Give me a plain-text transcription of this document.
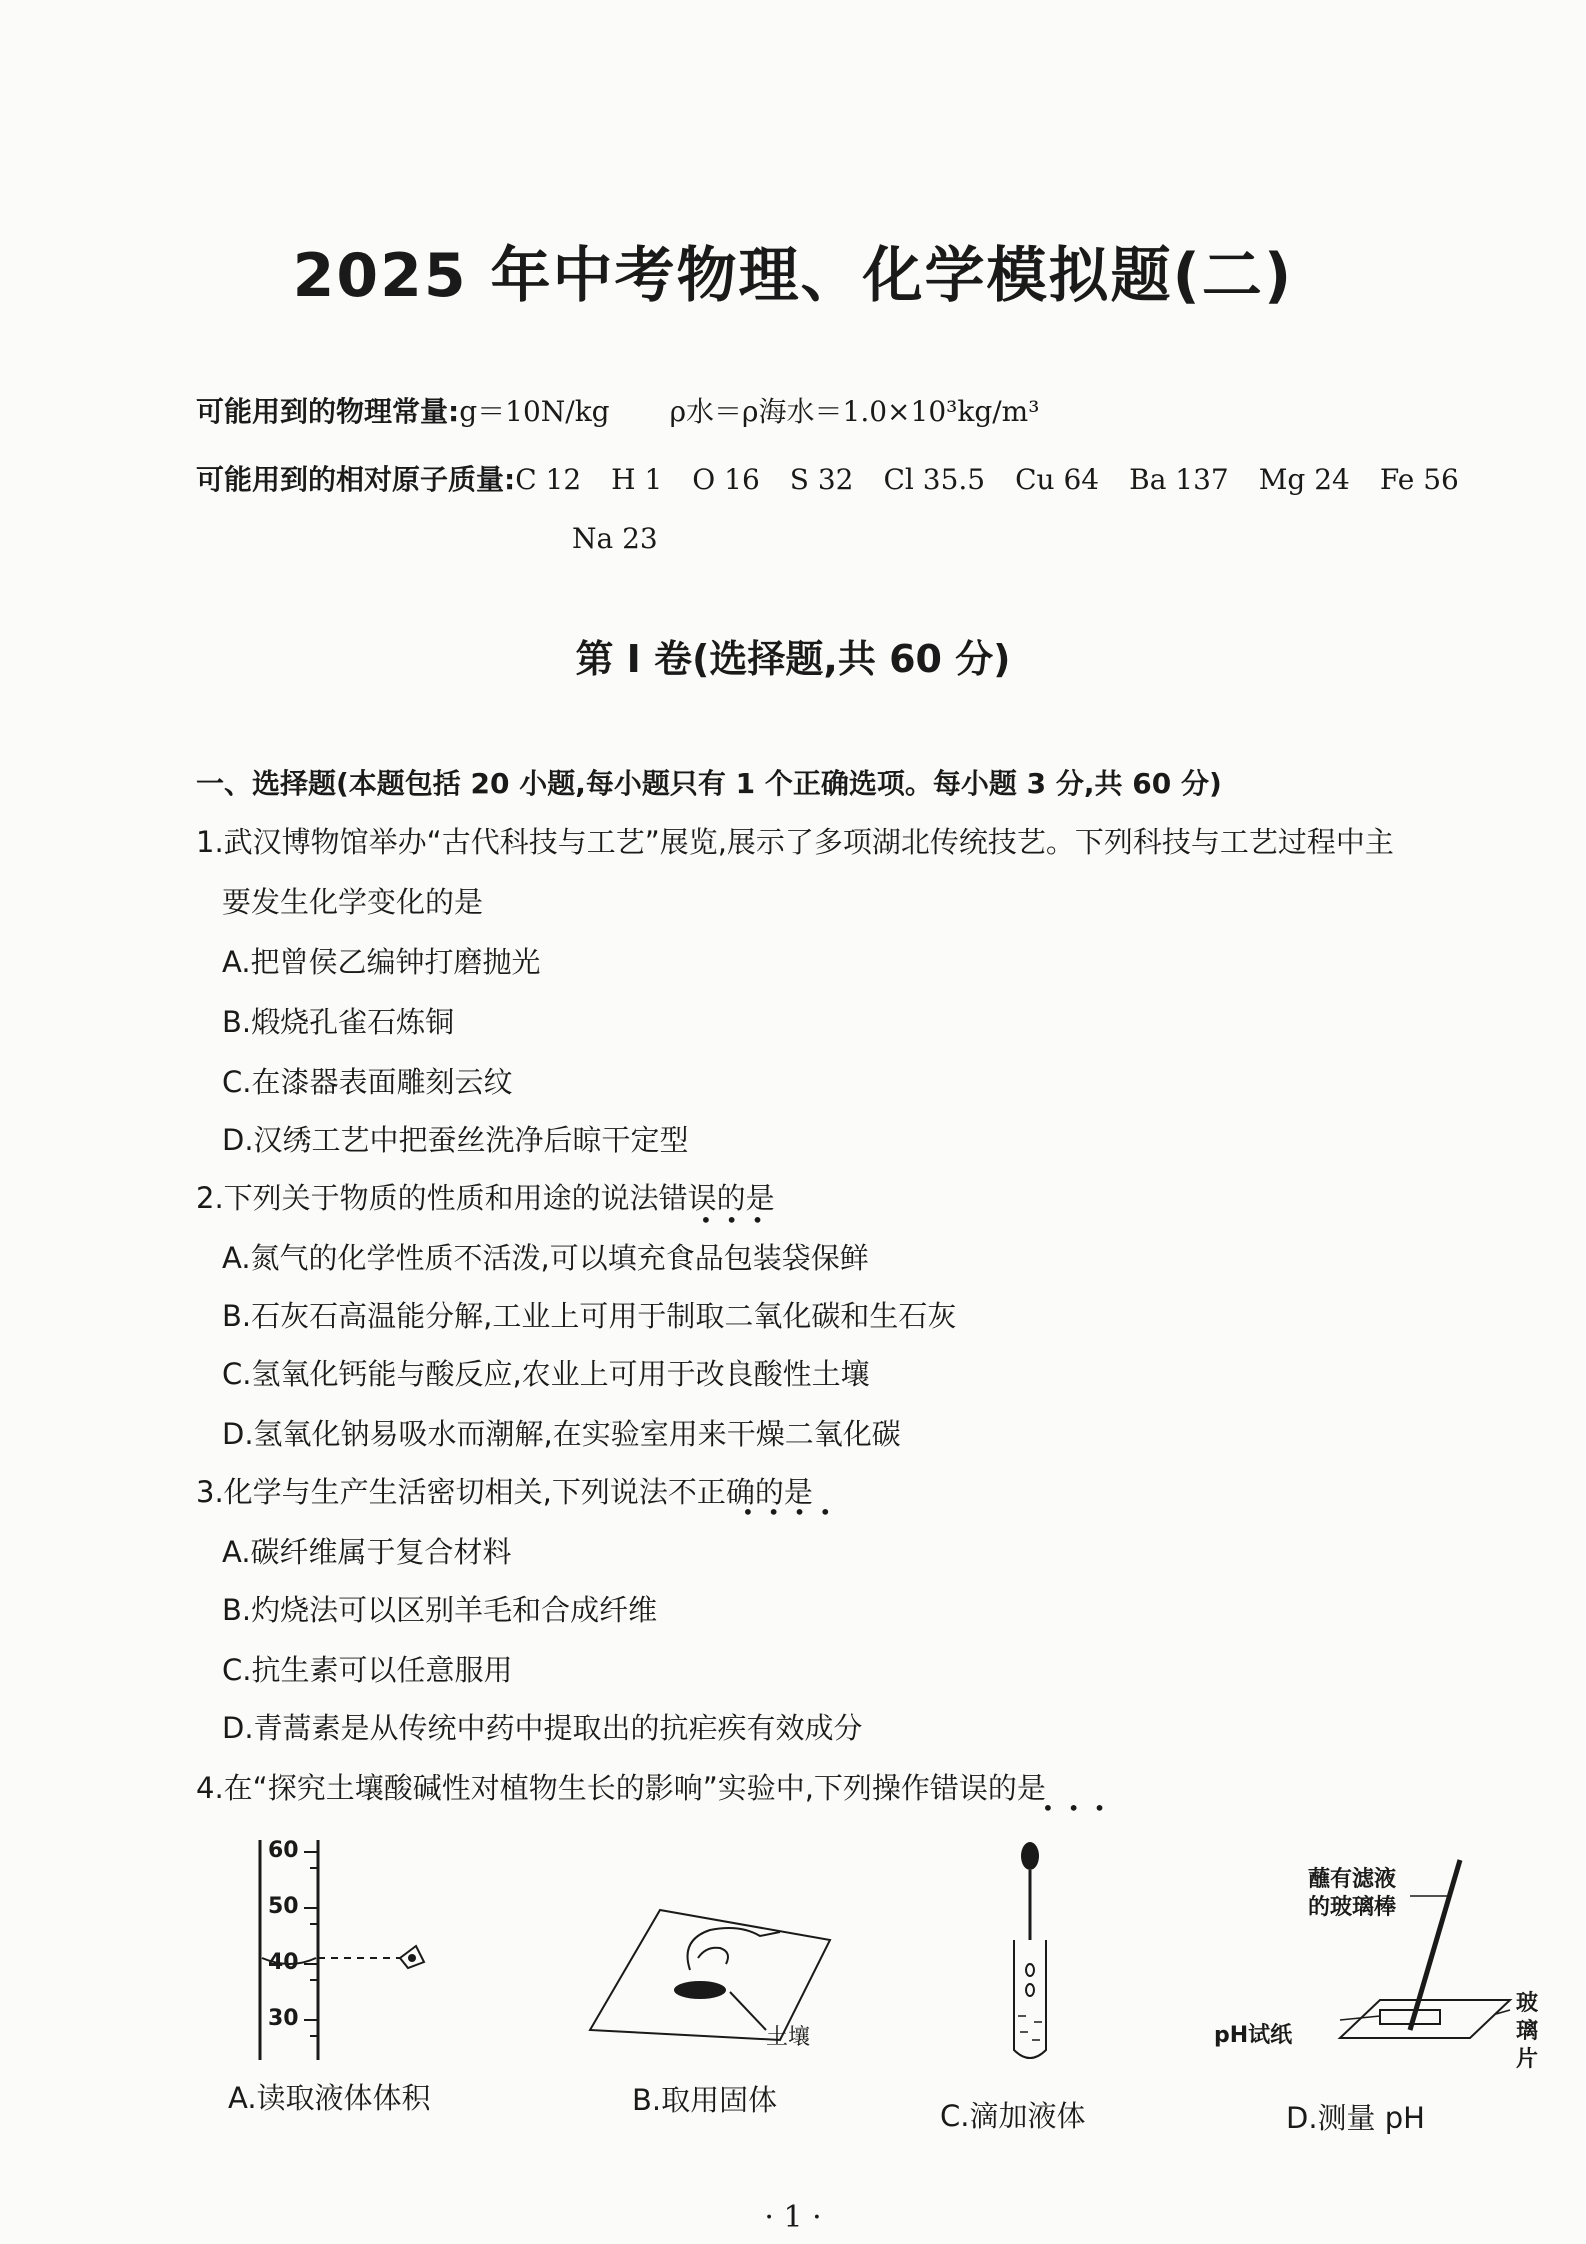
2025 年中考物理、化学模拟题(二)
可能用到的物理常量:g＝10N/kg ρ水＝ρ海水＝1.0×10³kg/m³
可能用到的相对原子质量:C 12 H 1 O 16 S 32 Cl 35.5 Cu 64 Ba 137 Mg 24 Fe 56
Na 23
第 Ⅰ 卷(选择题,共 60 分)
一、选择题(本题包括 20 小题,每小题只有 1 个正确选项。每小题 3 分,共 60 分)
1.武汉博物馆举办“古代科技与工艺”展览,展示了多项湖北传统技艺。下列科技与工艺过程中主
要发生化学变化的是
A.把曾侯乙编钟打磨抛光
B.煅烧孔雀石炼铜
C.在漆器表面雕刻云纹
D.汉绣工艺中把蚕丝洗净后晾干定型
2.下列关于物质的性质和用途的说法错误的是
•••
A.氮气的化学性质不活泼,可以填充食品包装袋保鲜
B.石灰石高温能分解,工业上可用于制取二氧化碳和生石灰
C.氢氧化钙能与酸反应,农业上可用于改良酸性土壤
D.氢氧化钠易吸水而潮解,在实验室用来干燥二氧化碳
3.化学与生产生活密切相关,下列说法不正确的是
••••
A.碳纤维属于复合材料
B.灼烧法可以区别羊毛和合成纤维
C.抗生素可以任意服用
D.青蒿素是从传统中药中提取出的抗疟疾有效成分
4.在“探究土壤酸碱性对植物生长的影响”实验中,下列操作错误的是
•••
60
50
40
30
A.读取液体体积
土壤
B.取用固体	C.滴加液体
蘸有滤液
的玻璃棒
pH试纸
玻
璃
片
D.测量 pH
· 1 ·
